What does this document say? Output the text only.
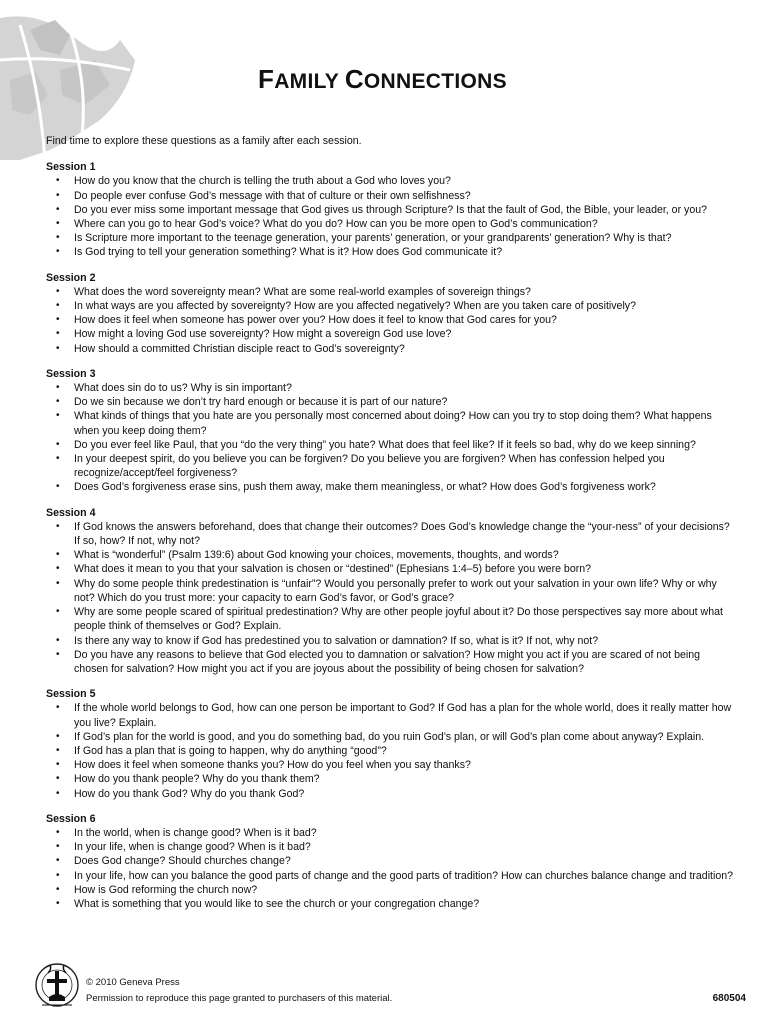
FAMILY CONNECTIONS

Find time to explore these questions as a family after each session.

Session 1

• How do you know that the church is telling the truth about a God who loves you?
• Do people ever confuse God’s message with that of culture or their own selfishness?
• Do you ever miss some important message that God gives us through Scripture? Is that the fault of God, the Bible, your leader, or you?
• Where can you go to hear God’s voice? What do you do? How can you be more open to God’s communication?
• Is Scripture more important to the teenage generation, your parents’ generation, or your grandparents’ generation? Why is that?
• Is God trying to tell your generation something? What is it? How does God communicate it?

Session 2

• What does the word sovereignty mean? What are some real-world examples of sovereign things?
• In what ways are you affected by sovereignty? How are you affected negatively? When are you taken care of positively?
• How does it feel when someone has power over you? How does it feel to know that God cares for you?
• How might a loving God use sovereignty? How might a sovereign God use love?
• How should a committed Christian disciple react to God’s sovereignty?

Session 3

• What does sin do to us? Why is sin important?
• Do we sin because we don’t try hard enough or because it is part of our nature?
• What kinds of things that you hate are you personally most concerned about doing? How can you try to stop doing them? What happens when you keep doing them?
• Do you ever feel like Paul, that you “do the very thing” you hate? What does that feel like? If it feels so bad, why do we keep sinning?
• In your deepest spirit, do you believe you can be forgiven? Do you believe you are forgiven? When has confession helped you recognize/accept/feel forgiveness?
• Does God’s forgiveness erase sins, push them away, make them meaningless, or what? How does God’s forgiveness work?

Session 4

• If God knows the answers beforehand, does that change their outcomes? Does God’s knowledge change the “your-ness” of your decisions? If so, how? If not, why not?
• What is “wonderful” (Psalm 139:6) about God knowing your choices, movements, thoughts, and words?
• What does it mean to you that your salvation is chosen or “destined” (Ephesians 1:4–5) before you were born?
• Why do some people think predestination is “unfair”? Would you personally prefer to work out your salvation in your own life? Why or why not? Which do you trust more: your capacity to earn God’s favor, or God’s grace?
• Why are some people scared of spiritual predestination? Why are other people joyful about it? Do those perspectives say more about what people think of themselves or God? Explain.
• Is there any way to know if God has predestined you to salvation or damnation? If so, what is it? If not, why not?
• Do you have any reasons to believe that God elected you to damnation or salvation? How might you act if you are scared of not being chosen for salvation? How might you act if you are joyous about the possibility of being chosen for salvation?

Session 5

• If the whole world belongs to God, how can one person be important to God? If God has a plan for the whole world, does it really matter how you live? Explain.
• If God’s plan for the world is good, and you do something bad, do you ruin God’s plan, or will God’s plan come about anyway? Explain.
• If God has a plan that is going to happen, why do anything “good”?
• How does it feel when someone thanks you? How do you feel when you say thanks?
• How do you thank people? Why do you thank them?
• How do you thank God? Why do you thank God?

Session 6

• In the world, when is change good? When is it bad?
• In your life, when is change good? When is it bad?
• Does God change? Should churches change?
• In your life, how can you balance the good parts of change and the good parts of tradition? How can churches balance change and tradition?
• How is God reforming the church now?
• What is something that you would like to see the church or your congregation change?
© 2010 Geneva Press
Permission to reproduce this page granted to purchasers of this material.	680504
